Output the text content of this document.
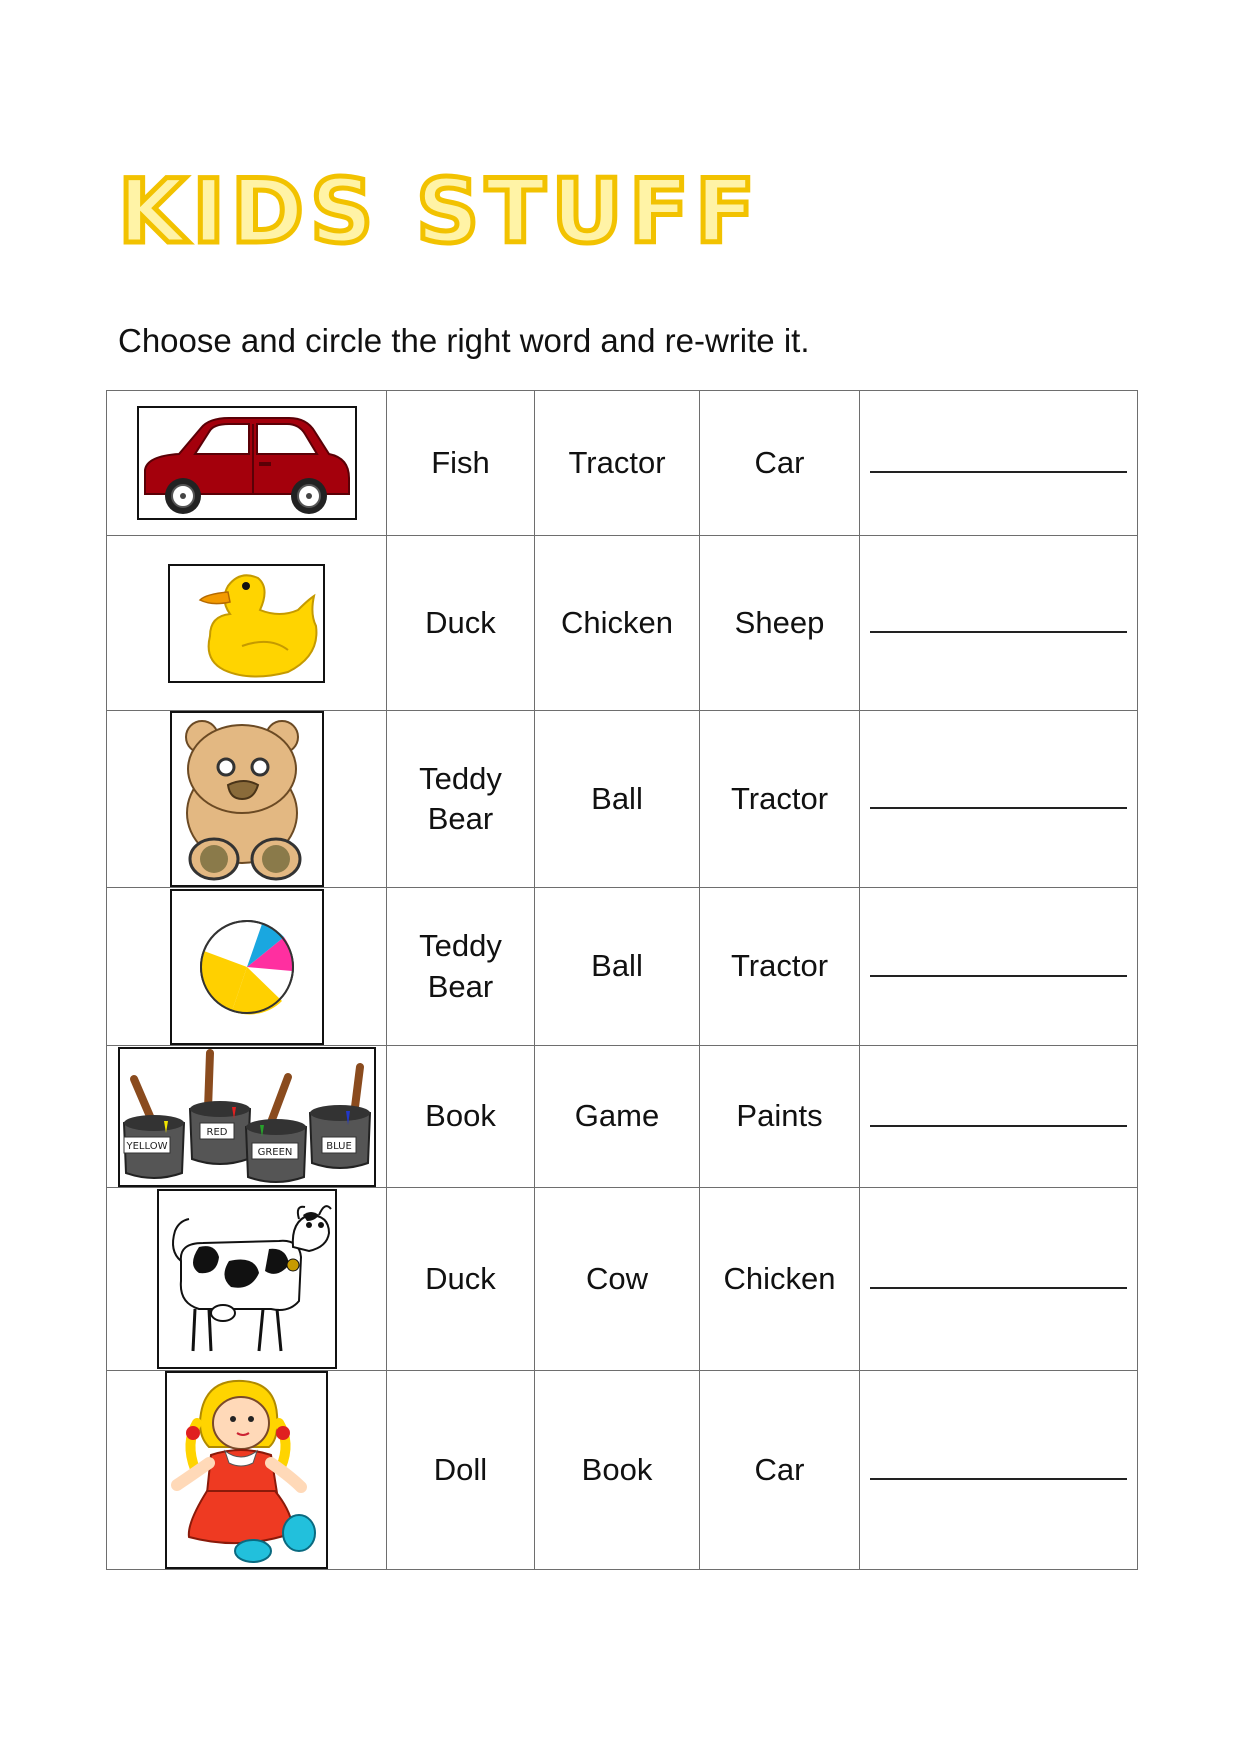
KIDS STUFF
Choose and circle the right word and re-write it.
	Fish	Tractor	Car	

	Duck	Chicken	Sheep	

	Teddy Bear	Ball	Tractor	

	Teddy Bear	Ball	Tractor	

YELLOW
RED
GREEN
BLUE	Book	Game	Paints	

	Duck	Cow	Chicken	

	Doll	Book	Car	
